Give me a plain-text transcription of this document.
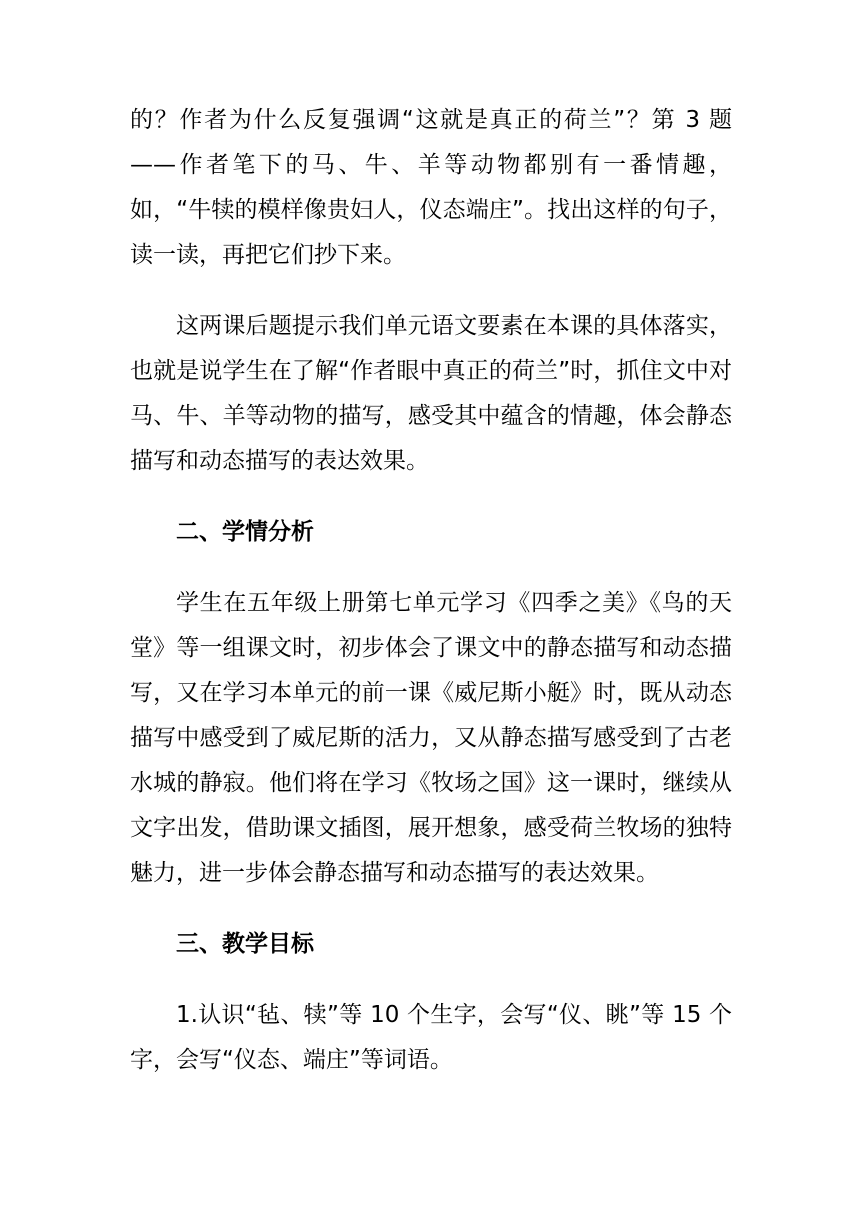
的？作者为什么反复强调“这就是真正的荷兰”？第 3 题——作者笔下的马、牛、羊等动物都别有一番情趣，如，“牛犊的模样像贵妇人，仪态端庄”。找出这样的句子，读一读，再把它们抄下来。

这两课后题提示我们单元语文要素在本课的具体落实，也就是说学生在了解“作者眼中真正的荷兰”时，抓住文中对马、牛、羊等动物的描写，感受其中蕴含的情趣，体会静态描写和动态描写的表达效果。

二、学情分析

学生在五年级上册第七单元学习《四季之美》《鸟的天堂》等一组课文时，初步体会了课文中的静态描写和动态描写，又在学习本单元的前一课《威尼斯小艇》时，既从动态描写中感受到了威尼斯的活力，又从静态描写感受到了古老水城的静寂。他们将在学习《牧场之国》这一课时，继续从文字出发，借助课文插图，展开想象，感受荷兰牧场的独特魅力，进一步体会静态描写和动态描写的表达效果。

三、教学目标

1.认识“毡、犊”等 10 个生字，会写“仪、眺”等 15 个字，会写“仪态、端庄”等词语。
